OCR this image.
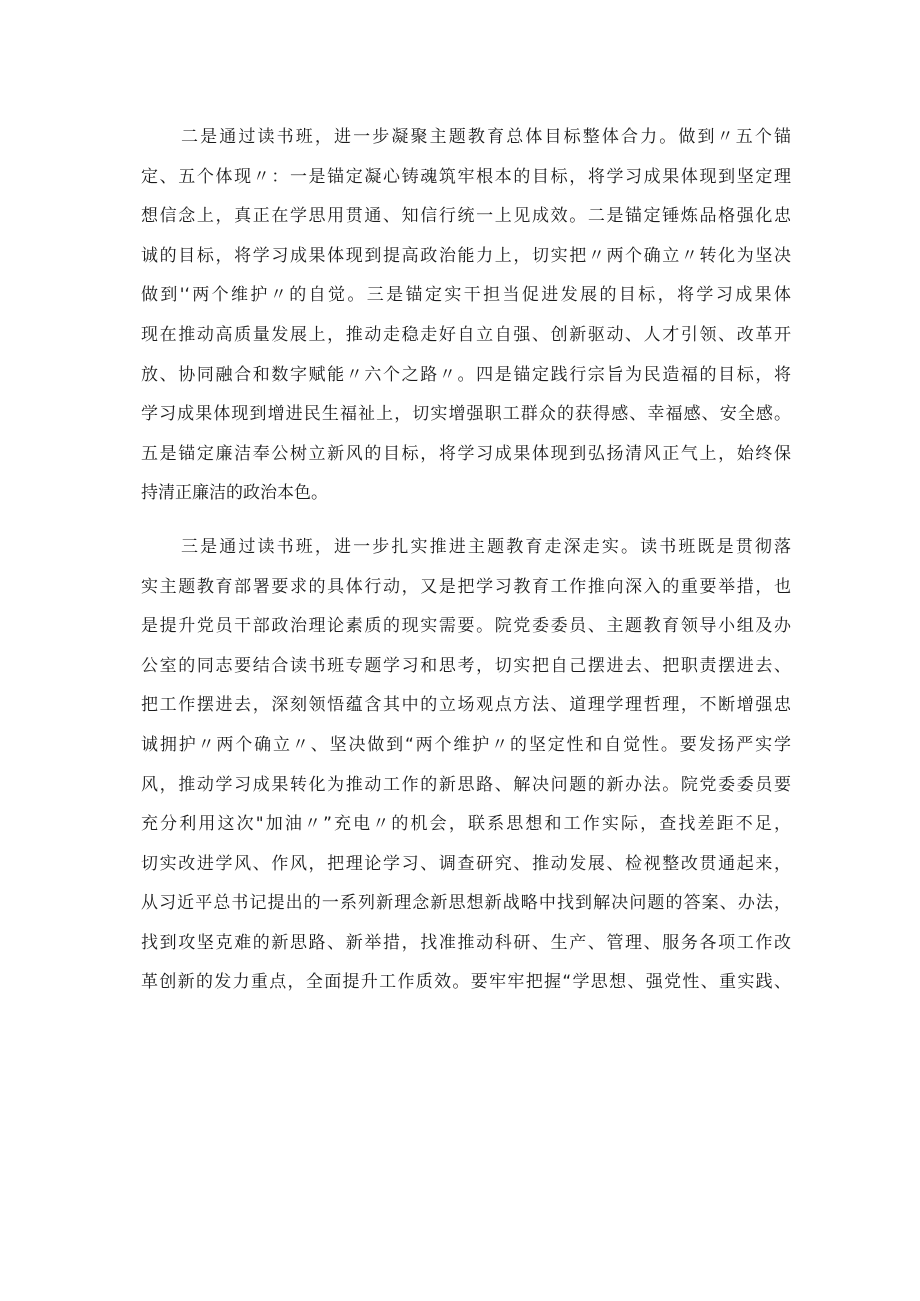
二是通过读书班，进一步凝聚主题教育总体目标整体合力。做到〃五个锚
定、五个体现〃：一是锚定凝心铸魂筑牢根本的目标，将学习成果体现到坚定理
想信念上，真正在学思用贯通、知信行统一上见成效。二是锚定锤炼品格强化忠
诚的目标，将学习成果体现到提高政治能力上，切实把〃两个确立〃转化为坚决
做到'‘两个维护〃的自觉。三是锚定实干担当促进发展的目标，将学习成果体
现在推动高质量发展上，推动走稳走好自立自强、创新驱动、人才引领、改革开
放、协同融合和数字赋能〃六个之路〃。四是锚定践行宗旨为民造福的目标，将
学习成果体现到增进民生福祉上，切实增强职工群众的获得感、幸福感、安全感。
五是锚定廉洁奉公树立新风的目标，将学习成果体现到弘扬清风正气上，始终保
持清正廉洁的政治本色。
三是通过读书班，进一步扎实推进主题教育走深走实。读书班既是贯彻落
实主题教育部署要求的具体行动，又是把学习教育工作推向深入的重要举措，也
是提升党员干部政治理论素质的现实需要。院党委委员、主题教育领导小组及办
公室的同志要结合读书班专题学习和思考，切实把自己摆进去、把职责摆进去、
把工作摆进去，深刻领悟蕴含其中的立场观点方法、道理学理哲理，不断增强忠
诚拥护〃两个确立〃、坚决做到“两个维护〃的坚定性和自觉性。要发扬严实学
风，推动学习成果转化为推动工作的新思路、解决问题的新办法。院党委委员要
充分利用这次"加油〃”充电〃的机会，联系思想和工作实际，查找差距不足，
切实改进学风、作风，把理论学习、调查研究、推动发展、检视整改贯通起来，
从习近平总书记提出的一系列新理念新思想新战略中找到解决问题的答案、办法，
找到攻坚克难的新思路、新举措，找准推动科研、生产、管理、服务各项工作改
革创新的发力重点，全面提升工作质效。要牢牢把握“学思想、强党性、重实践、
